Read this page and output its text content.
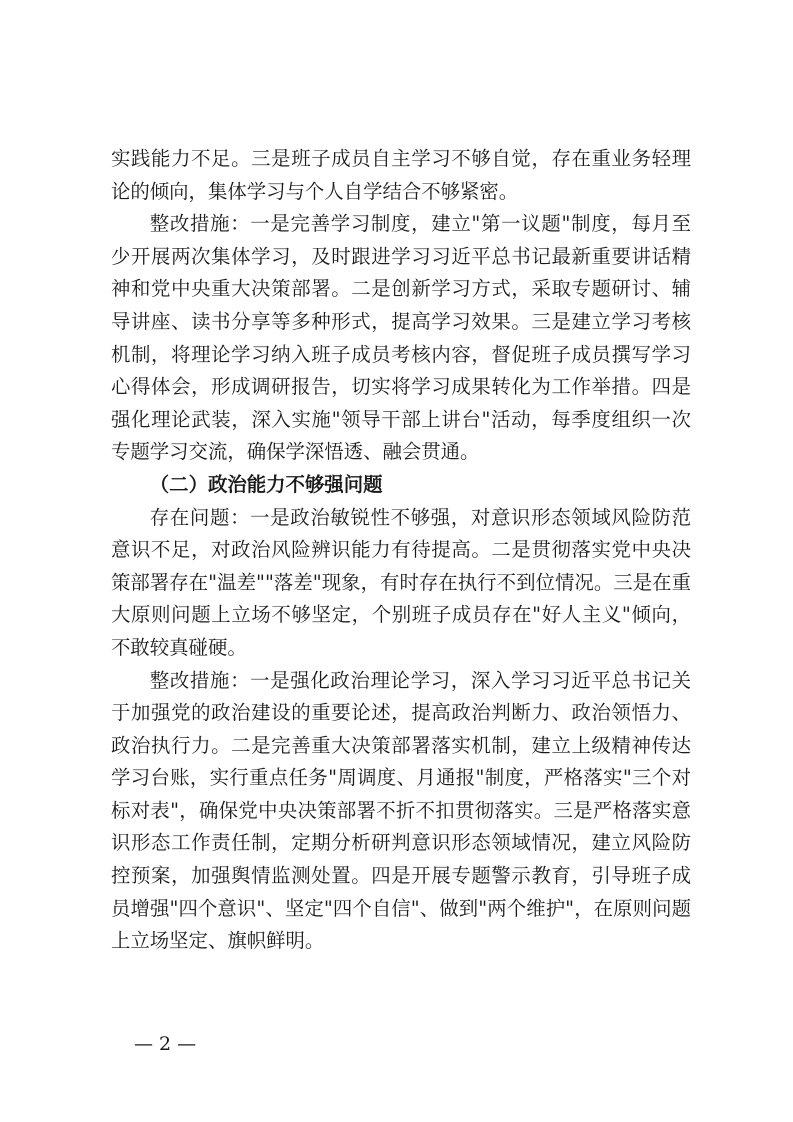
实践能力不足。三是班子成员自主学习不够自觉，存在重业务轻理论的倾向，集体学习与个人自学结合不够紧密。

整改措施：一是完善学习制度，建立"第一议题"制度，每月至少开展两次集体学习，及时跟进学习习近平总书记最新重要讲话精神和党中央重大决策部署。二是创新学习方式，采取专题研讨、辅导讲座、读书分享等多种形式，提高学习效果。三是建立学习考核机制，将理论学习纳入班子成员考核内容，督促班子成员撰写学习心得体会，形成调研报告，切实将学习成果转化为工作举措。四是强化理论武装，深入实施"领导干部上讲台"活动，每季度组织一次专题学习交流，确保学深悟透、融会贯通。

（二）政治能力不够强问题

存在问题：一是政治敏锐性不够强，对意识形态领域风险防范意识不足，对政治风险辨识能力有待提高。二是贯彻落实党中央决策部署存在"温差""落差"现象，有时存在执行不到位情况。三是在重大原则问题上立场不够坚定，个别班子成员存在"好人主义"倾向，不敢较真碰硬。

整改措施：一是强化政治理论学习，深入学习习近平总书记关于加强党的政治建设的重要论述，提高政治判断力、政治领悟力、政治执行力。二是完善重大决策部署落实机制，建立上级精神传达学习台账，实行重点任务"周调度、月通报"制度，严格落实"三个对标对表"，确保党中央决策部署不折不扣贯彻落实。三是严格落实意识形态工作责任制，定期分析研判意识形态领域情况，建立风险防控预案，加强舆情监测处置。四是开展专题警示教育，引导班子成员增强"四个意识"、坚定"四个自信"、做到"两个维护"，在原则问题上立场坚定、旗帜鲜明。

— 2 —
